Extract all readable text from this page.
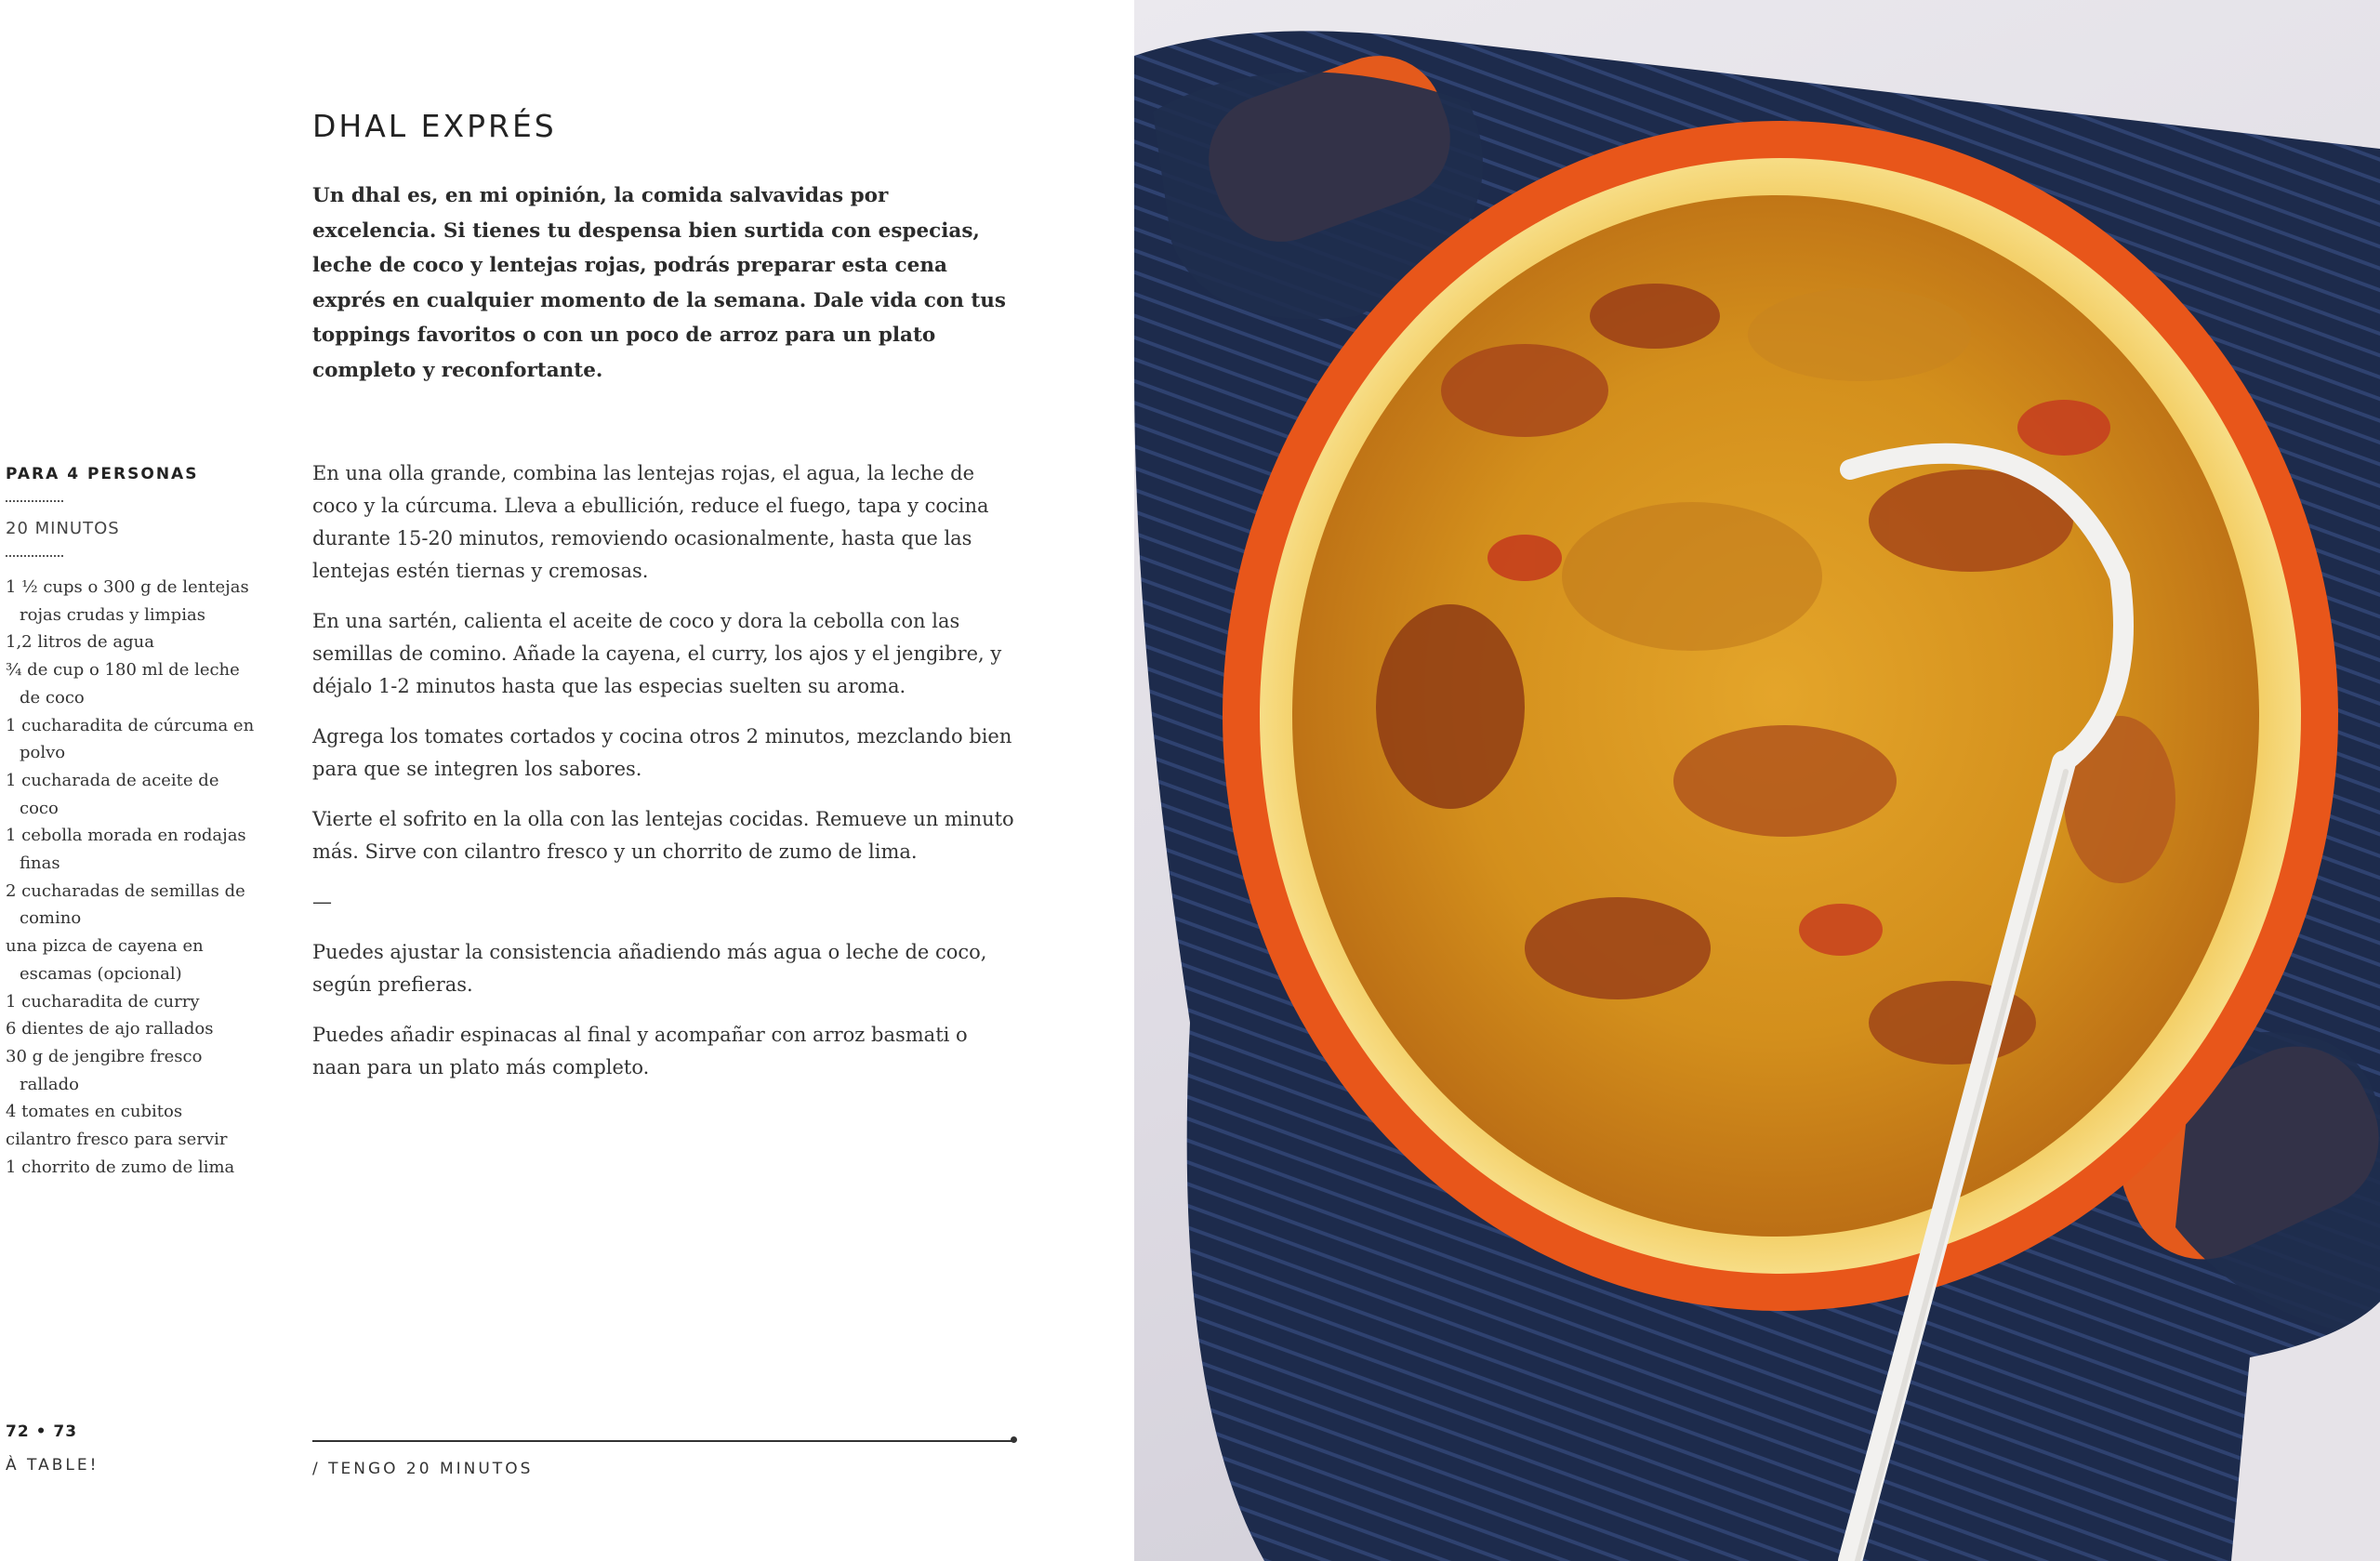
DHAL EXPRÉS

Un dhal es, en mi opinión, la comida salvavidas por excelencia. Si tienes tu despensa bien surtida con especias, leche de coco y lentejas rojas, podrás preparar esta cena exprés en cualquier momento de la semana. Dale vida con tus toppings favoritos o con un poco de arroz para un plato completo y reconfortante.

PARA 4 PERSONAS

20 MINUTOS

1 ½ cups o 300 g de lentejas rojas crudas y limpias
1,2 litros de agua
¾ de cup o 180 ml de leche de coco
1 cucharadita de cúrcuma en polvo
1 cucharada de aceite de coco
1 cebolla morada en rodajas finas
2 cucharadas de semillas de comino
una pizca de cayena en escamas (opcional)
1 cucharadita de curry
6 dientes de ajo rallados
30 g de jengibre fresco rallado
4 tomates en cubitos
cilantro fresco para servir
1 chorrito de zumo de lima

En una olla grande, combina las lentejas rojas, el agua, la leche de coco y la cúrcuma. Lleva a ebullición, reduce el fuego, tapa y cocina durante 15-20 minutos, removiendo ocasionalmente, hasta que las lentejas estén tiernas y cremosas.

En una sartén, calienta el aceite de coco y dora la cebolla con las semillas de comino. Añade la cayena, el curry, los ajos y el jengibre, y déjalo 1-2 minutos hasta que las especias suelten su aroma.

Agrega los tomates cortados y cocina otros 2 minutos, mezclando bien para que se integren los sabores.

Vierte el sofrito en la olla con las lentejas cocidas. Remueve un minuto más. Sirve con cilantro fresco y un chorrito de zumo de lima.

—

Puedes ajustar la consistencia añadiendo más agua o leche de coco, según prefieras.

Puedes añadir espinacas al final y acompañar con arroz basmati o naan para un plato más completo.

72 • 73

À TABLE!	/ TENGO 20 MINUTOS
